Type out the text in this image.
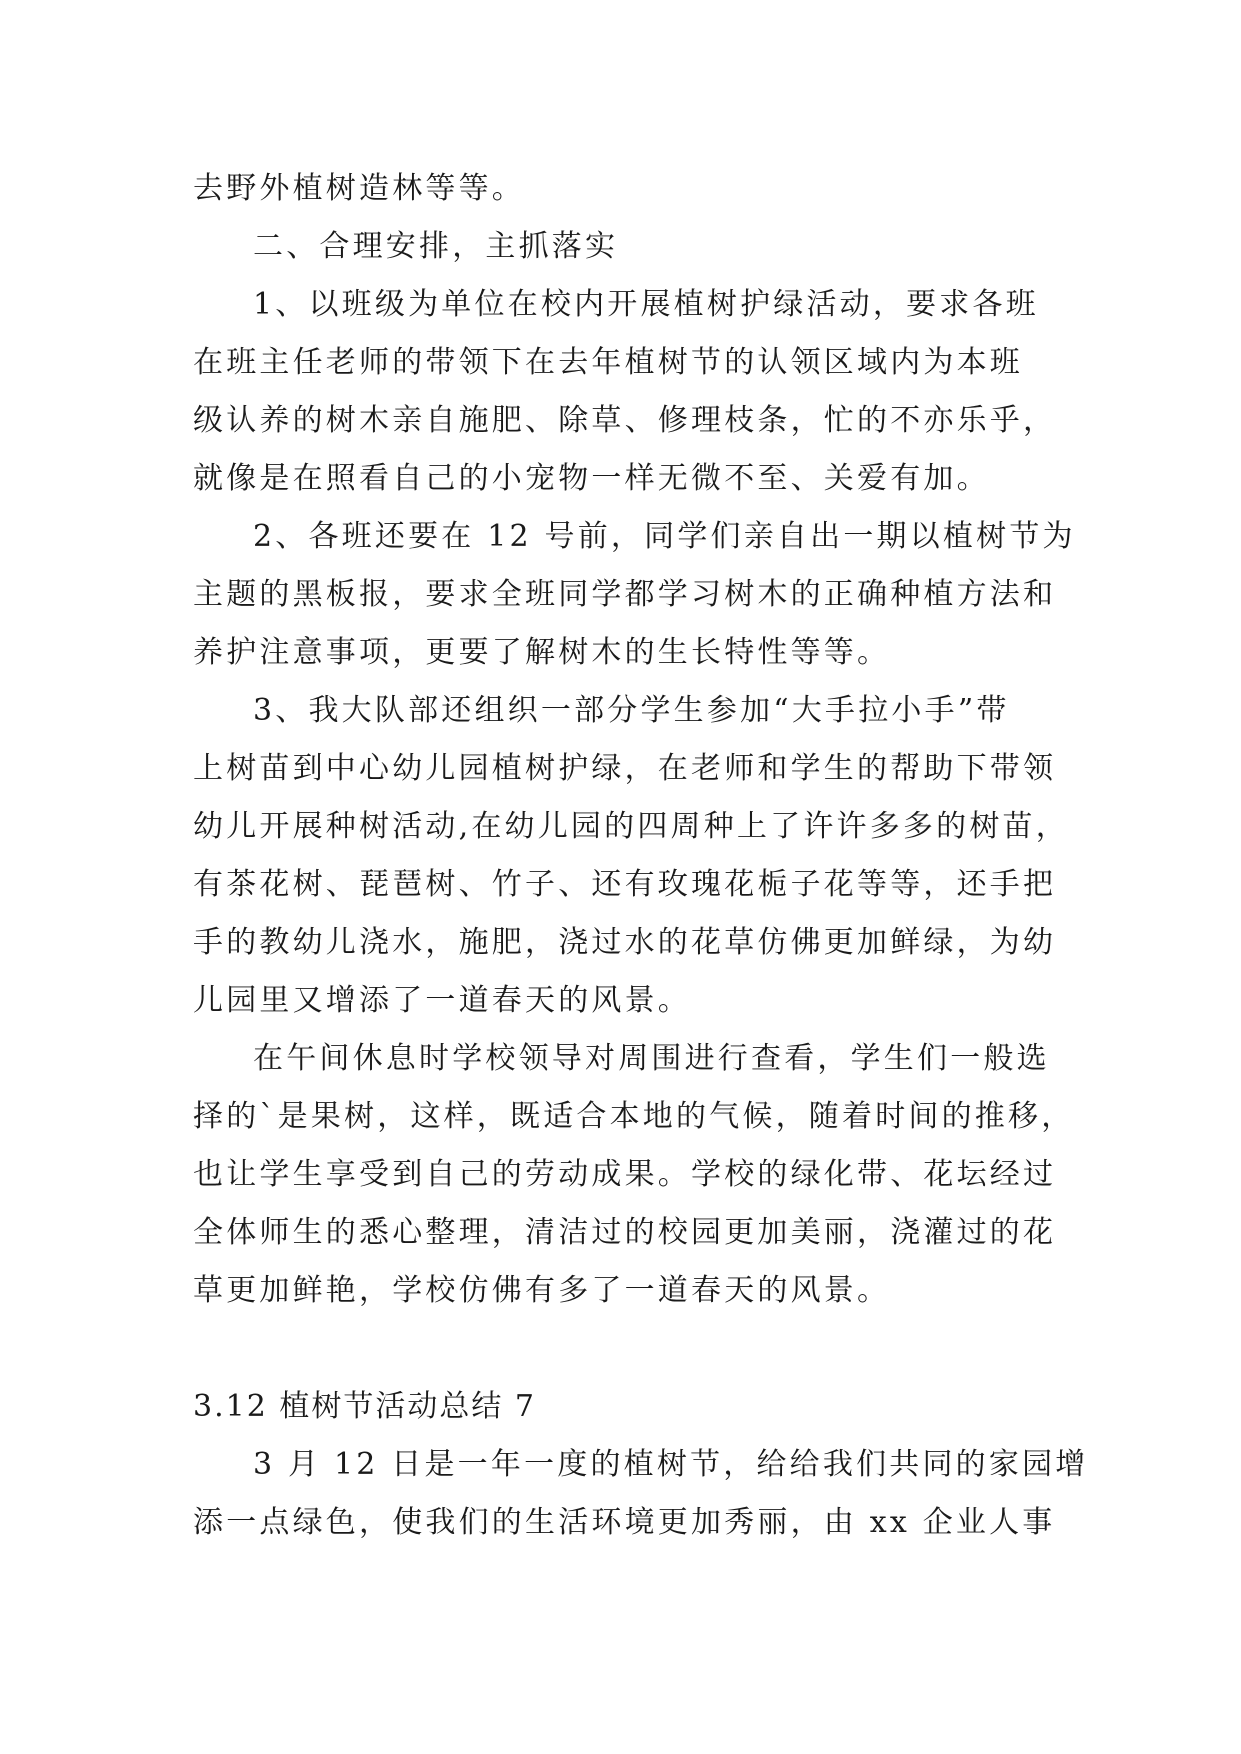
去野外植树造林等等。
二、合理安排，主抓落实
1、以班级为单位在校内开展植树护绿活动，要求各班
在班主任老师的带领下在去年植树节的认领区域内为本班
级认养的树木亲自施肥、除草、修理枝条，忙的不亦乐乎，
就像是在照看自己的小宠物一样无微不至、关爱有加。
2、各班还要在 12 号前，同学们亲自出一期以植树节为
主题的黑板报，要求全班同学都学习树木的正确种植方法和
养护注意事项，更要了解树木的生长特性等等。
3、我大队部还组织一部分学生参加“大手拉小手”带
上树苗到中心幼儿园植树护绿，在老师和学生的帮助下带领
幼儿开展种树活动,在幼儿园的四周种上了许许多多的树苗，
有茶花树、琵琶树、竹子、还有玫瑰花栀子花等等，还手把
手的教幼儿浇水，施肥，浇过水的花草仿佛更加鲜绿，为幼
儿园里又增添了一道春天的风景。
在午间休息时学校领导对周围进行查看，学生们一般选
择的`是果树，这样，既适合本地的气候，随着时间的推移，
也让学生享受到自己的劳动成果。学校的绿化带、花坛经过
全体师生的悉心整理，清洁过的校园更加美丽，浇灌过的花
草更加鲜艳，学校仿佛有多了一道春天的风景。
3.12 植树节活动总结 7
3 月 12 日是一年一度的植树节，给给我们共同的家园增
添一点绿色，使我们的生活环境更加秀丽，由 xx 企业人事
